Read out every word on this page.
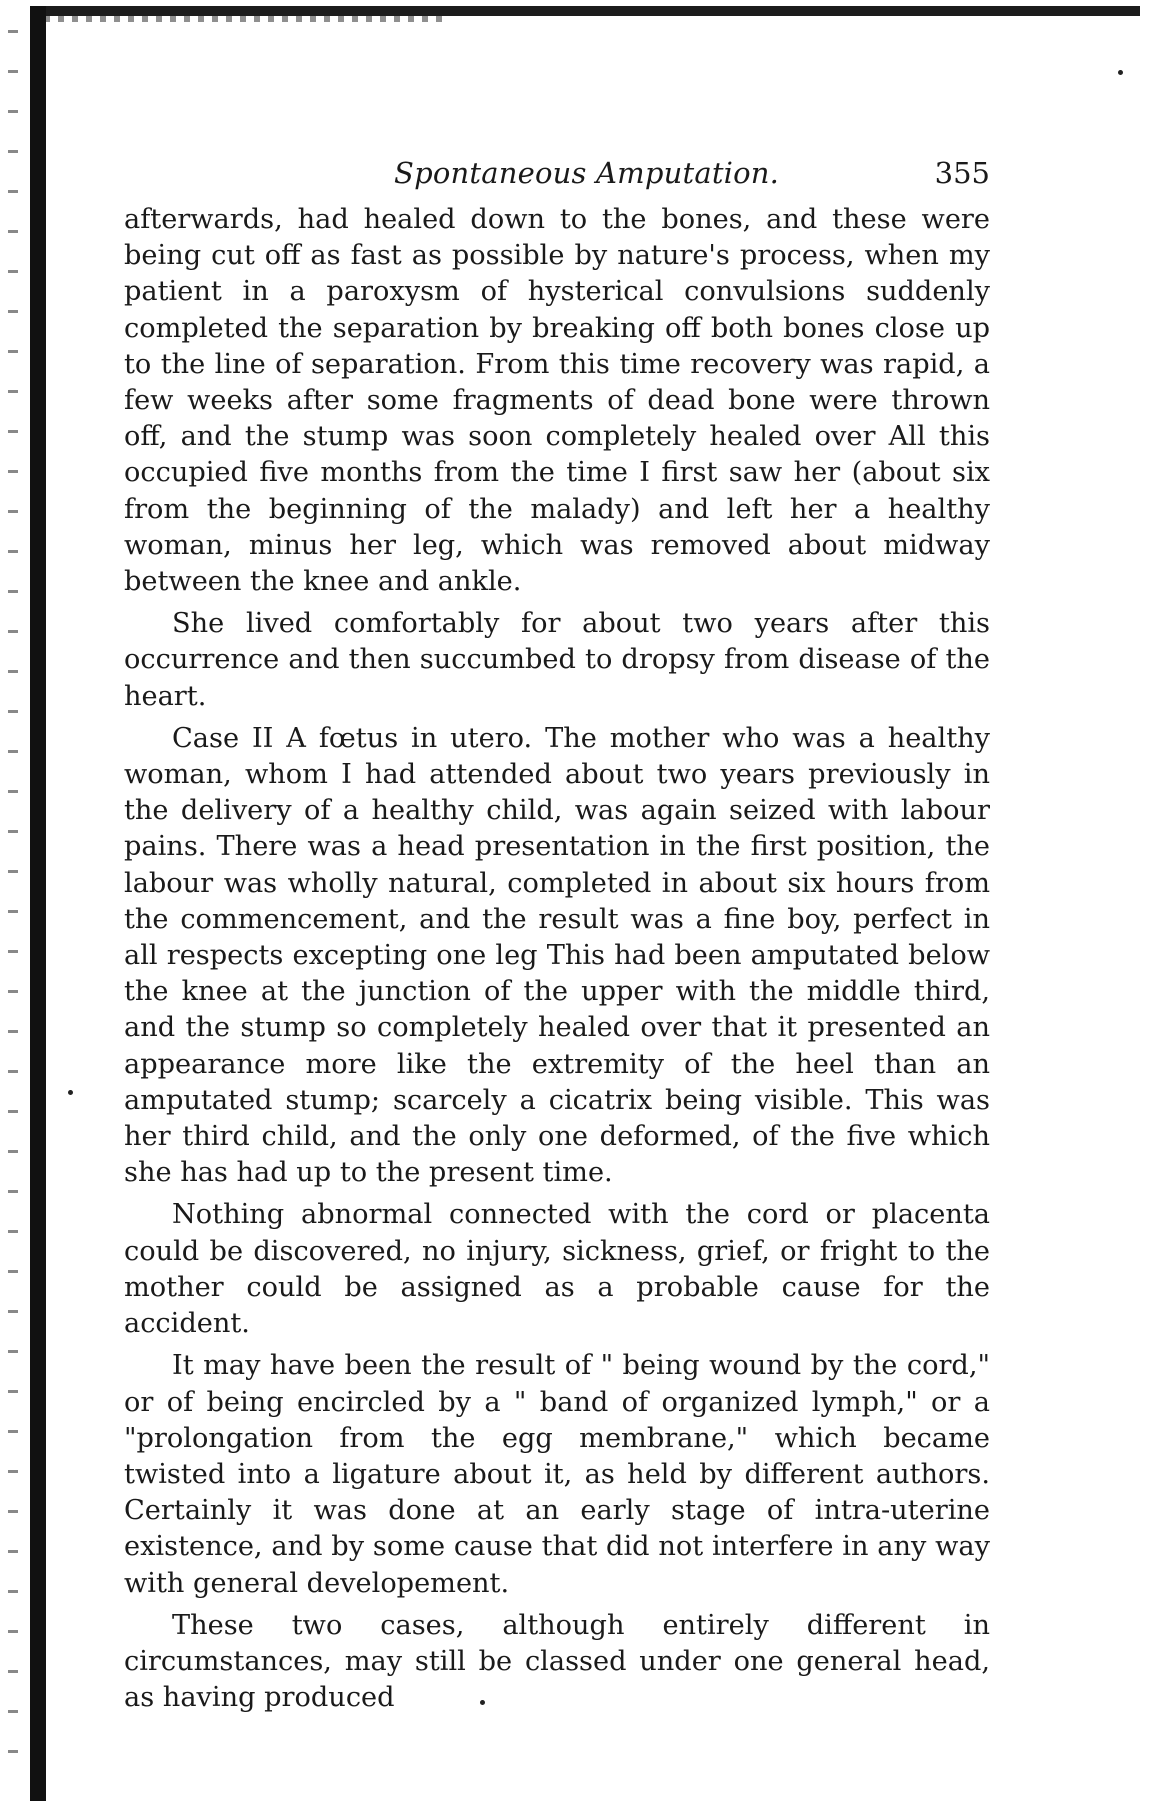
Spontaneous Amputation.	355

afterwards, had healed down to the bones, and these were being cut off as fast as possible by nature's process, when my patient in a paroxysm of hysterical convulsions suddenly completed the separation by breaking off both bones close up to the line of separation. From this time recovery was rapid, a few weeks after some fragments of dead bone were thrown off, and the stump was soon completely healed over All this occupied five months from the time I first saw her (about six from the beginning of the malady) and left her a healthy woman, minus her leg, which was removed about midway between the knee and ankle.

She lived comfortably for about two years after this occurrence and then succumbed to dropsy from disease of the heart.

Case II A fœtus in utero. The mother who was a healthy woman, whom I had attended about two years previously in the delivery of a healthy child, was again seized with labour pains. There was a head presentation in the first position, the labour was wholly natural, completed in about six hours from the commencement, and the result was a fine boy, perfect in all respects excepting one leg This had been amputated below the knee at the junction of the upper with the middle third, and the stump so completely healed over that it presented an appearance more like the extremity of the heel than an amputated stump; scarcely a cicatrix being visible. This was her third child, and the only one deformed, of the five which she has had up to the present time.

Nothing abnormal connected with the cord or placenta could be discovered, no injury, sickness, grief, or fright to the mother could be assigned as a probable cause for the accident.

It may have been the result of " being wound by the cord," or of being encircled by a " band of organized lymph," or a "prolongation from the egg membrane," which became twisted into a ligature about it, as held by different authors. Certainly it was done at an early stage of intra-uterine existence, and by some cause that did not interfere in any way with general developement.

These two cases, although entirely different in circumstances, may still be classed under one general head, as having produced
